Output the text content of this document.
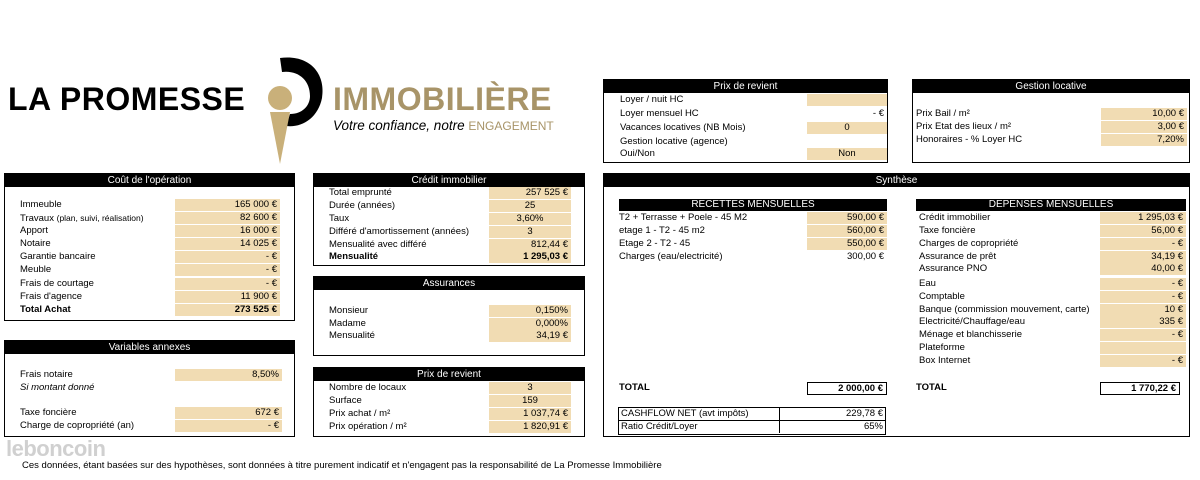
LA PROMESSE	IMMOBILIÈRE
Votre confiance, notre ENGAGEMENT
Prix de revient
Loyer / nuit HC
Loyer mensuel HC	- €
Vacances locatives (NB Mois)	0
Gestion locative (agence)
Oui/Non	Non
Gestion locative
Prix Bail / m²	10,00 €
Prix Etat des lieux / m²	3,00 €
Honoraires - % Loyer HC	7,20%
Coût de l'opération
Immeuble	165 000 €
Travaux (plan, suivi, réalisation)	82 600 €
Apport	16 000 €
Notaire	14 025 €
Garantie bancaire	- €
Meuble	- €
Frais de courtage	- €
Frais d'agence	11 900 €
Total Achat	273 525 €
Crédit immobilier
Total emprunté	257 525 €
Durée (années)	25
Taux	3,60%
Différé d'amortissement (années)	3
Mensualité avec différé	812,44 €
Mensualité	1 295,03 €
Assurances
Monsieur	0,150%
Madame	0,000%
Mensualité	34,19 €
Variables annexes
Frais notaire	8,50%
Si montant donné
Taxe foncière	672 €
Charge de copropriété (an)	- €
Prix de revient
Nombre de locaux	3
Surface	159
Prix achat / m²	1 037,74 €
Prix opération / m²	1 820,91 €
Synthèse
RECETTES MENSUELLES
T2 + Terrasse + Poele - 45 M2	590,00 €
etage 1 - T2 - 45 m2	560,00 €
Etage 2 - T2 - 45	550,00 €
Charges (eau/electricité)	300,00 €
TOTAL	2 000,00 €
DEPENSES MENSUELLES
Crédit immobilier	1 295,03 €
Taxe foncière	56,00 €
Charges de copropriété	- €
Assurance de prêt	34,19 €
Assurance PNO	40,00 €
Eau	- €
Comptable	- €
Banque (commission mouvement, carte)	10 €
Electricité/Chauffage/eau	335 €
Ménage et blanchisserie	- €
Plateforme
Box Internet	- €
TOTAL	1 770,22 €
CASHFLOW NET (avt impôts)	229,78 €
Ratio Crédit/Loyer	65%
leboncoin
Ces données, étant basées sur des hypothèses, sont données à titre purement indicatif et n'engagent pas la responsabilité de La Promesse Immobilière
